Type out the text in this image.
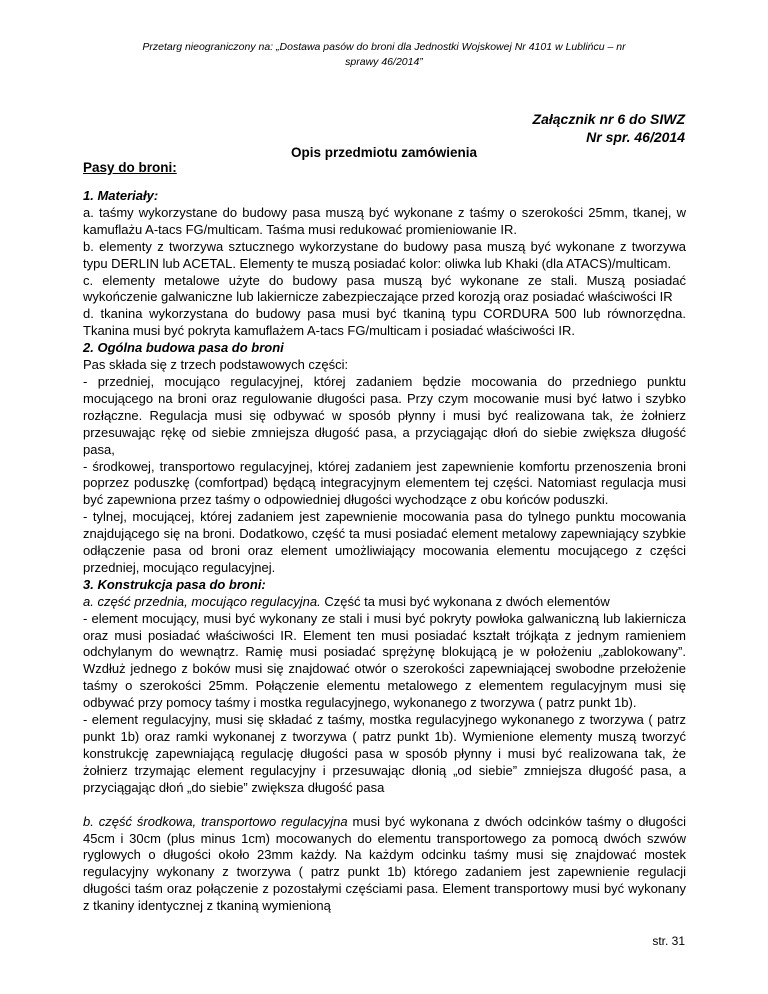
Przetarg nieograniczony na: „Dostawa pasów do broni dla Jednostki Wojskowej Nr 4101 w Lublińcu – nr
sprawy 46/2014”
Załącznik nr 6 do SIWZ
Nr spr. 46/2014
Opis przedmiotu zamówienia
Pasy do broni:

1. Materiały:

a. taśmy wykorzystane do budowy pasa muszą być wykonane z taśmy o szerokości 25mm, tkanej, w kamuflażu A-tacs FG/multicam. Taśma musi redukować promieniowanie IR.

b. elementy z tworzywa sztucznego wykorzystane do budowy pasa muszą być wykonane z tworzywa typu DERLIN lub ACETAL. Elementy te muszą posiadać kolor: oliwka lub Khaki (dla ATACS)/multicam.

c. elementy metalowe użyte do budowy pasa muszą być wykonane ze stali. Muszą posiadać wykończenie galwaniczne lub lakiernicze zabezpieczające przed korozją oraz posiadać właściwości IR

d. tkanina wykorzystana do budowy pasa musi być tkaniną typu CORDURA 500 lub równorzędna. Tkanina musi być pokryta kamuflażem A-tacs FG/multicam i posiadać właściwości IR.

2. Ogólna budowa pasa do broni

Pas składa się z trzech podstawowych części:

- przedniej, mocująco regulacyjnej, której zadaniem będzie mocowania do przedniego punktu mocującego na broni oraz regulowanie długości pasa. Przy czym mocowanie musi być łatwo i szybko rozłączne. Regulacja musi się odbywać w sposób płynny i musi być realizowana tak, że żołnierz przesuwając rękę od siebie zmniejsza długość pasa, a przyciągając dłoń do siebie zwiększa długość pasa,

- środkowej, transportowo regulacyjnej, której zadaniem jest zapewnienie komfortu przenoszenia broni poprzez poduszkę (comfortpad) będącą integracyjnym elementem tej części. Natomiast regulacja musi być zapewniona przez taśmy o odpowiedniej długości wychodzące z obu końców poduszki.

- tylnej, mocującej, której zadaniem jest zapewnienie mocowania pasa do tylnego punktu mocowania znajdującego się na broni. Dodatkowo, część ta musi posiadać element metalowy zapewniający szybkie odłączenie pasa od broni oraz element umożliwiający mocowania elementu mocującego z części przedniej, mocująco regulacyjnej.

3. Konstrukcja pasa do broni:

a. część przednia, mocująco regulacyjna. Część ta musi być wykonana z dwóch elementów

- element mocujący, musi być wykonany ze stali i musi być pokryty powłoka galwaniczną lub lakiernicza oraz musi posiadać właściwości IR. Element ten musi posiadać kształt trójkąta z jednym ramieniem odchylanym do wewnątrz. Ramię musi posiadać sprężynę blokującą je w położeniu „zablokowany”. Wzdłuż jednego z boków musi się znajdować otwór o szerokości zapewniającej swobodne przełożenie taśmy o szerokości 25mm. Połączenie elementu metalowego z elementem regulacyjnym musi się odbywać przy pomocy taśmy i mostka regulacyjnego, wykonanego z tworzywa ( patrz punkt 1b).

- element regulacyjny, musi się składać z taśmy, mostka regulacyjnego wykonanego z tworzywa ( patrz punkt 1b) oraz ramki wykonanej z tworzywa ( patrz punkt 1b). Wymienione elementy muszą tworzyć konstrukcję zapewniającą regulację długości pasa w sposób płynny i musi być realizowana tak, że żołnierz trzymając element regulacyjny i przesuwając dłonią „od siebie” zmniejsza długość pasa, a przyciągając dłoń „do siebie” zwiększa długość pasa

b. część środkowa, transportowo regulacyjna musi być wykonana z dwóch odcinków taśmy o długości 45cm i 30cm (plus minus 1cm) mocowanych do elementu transportowego za pomocą dwóch szwów ryglowych o długości około 23mm każdy. Na każdym odcinku taśmy musi się znajdować mostek regulacyjny wykonany z tworzywa ( patrz punkt 1b) którego zadaniem jest zapewnienie regulacji długości taśm oraz połączenie z pozostałymi częściami pasa. Element transportowy musi być wykonany z tkaniny identycznej z tkaniną wymienioną

str. 31
